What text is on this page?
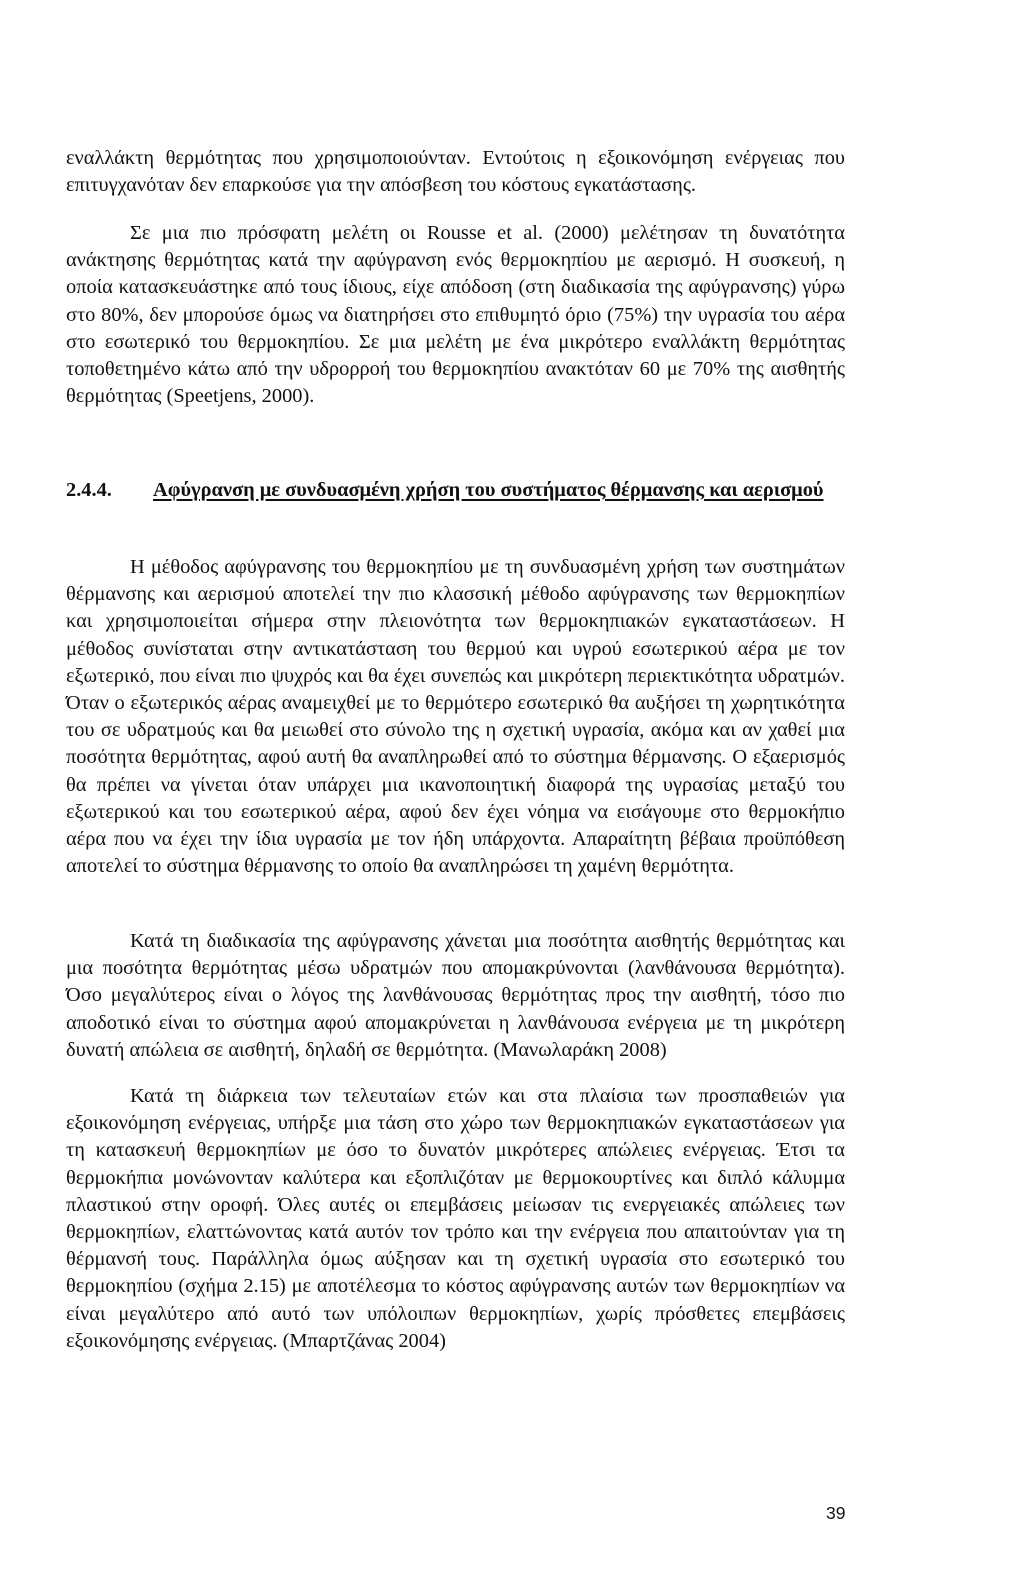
εναλλάκτη θερμότητας που χρησιμοποιούνταν. Εντούτοις η εξοικονόμηση ενέργειας που επιτυγχανόταν δεν επαρκούσε για την απόσβεση του κόστους εγκατάστασης.

Σε μια πιο πρόσφατη μελέτη οι Rousse et al. (2000) μελέτησαν τη δυνατότητα ανάκτησης θερμότητας κατά την αφύγρανση ενός θερμοκηπίου με αερισμό. Η συσκευή, η οποία κατασκευάστηκε από τους ίδιους, είχε απόδοση (στη διαδικασία της αφύγρανσης) γύρω στο 80%, δεν μπορούσε όμως να διατηρήσει στο επιθυμητό όριο (75%) την υγρασία του αέρα στο εσωτερικό του θερμοκηπίου. Σε μια μελέτη με ένα μικρότερο εναλλάκτη θερμότητας τοποθετημένο κάτω από την υδρορροή του θερμοκηπίου ανακτόταν 60 με 70% της αισθητής θερμότητας (Speetjens, 2000).

2.4.4. Αφύγρανση με συνδυασμένη χρήση του συστήματος θέρμανσης και αερισμού

Η μέθοδος αφύγρανσης του θερμοκηπίου με τη συνδυασμένη χρήση των συστημάτων θέρμανσης και αερισμού αποτελεί την πιο κλασσική μέθοδο αφύγρανσης των θερμοκηπίων και χρησιμοποιείται σήμερα στην πλειονότητα των θερμοκηπιακών εγκαταστάσεων. Η μέθοδος συνίσταται στην αντικατάσταση του θερμού και υγρού εσωτερικού αέρα με τον εξωτερικό, που είναι πιο ψυχρός και θα έχει συνεπώς και μικρότερη περιεκτικότητα υδρατμών. Όταν ο εξωτερικός αέρας αναμειχθεί με το θερμότερο εσωτερικό θα αυξήσει τη χωρητικότητα του σε υδρατμούς και θα μειωθεί στο σύνολο της η σχετική υγρασία, ακόμα και αν χαθεί μια ποσότητα θερμότητας, αφού αυτή θα αναπληρωθεί από το σύστημα θέρμανσης. Ο εξαερισμός θα πρέπει να γίνεται όταν υπάρχει μια ικανοποιητική διαφορά της υγρασίας μεταξύ του εξωτερικού και του εσωτερικού αέρα, αφού δεν έχει νόημα να εισάγουμε στο θερμοκήπιο αέρα που να έχει την ίδια υγρασία με τον ήδη υπάρχοντα. Απαραίτητη βέβαια προϋπόθεση αποτελεί το σύστημα θέρμανσης το οποίο θα αναπληρώσει τη χαμένη θερμότητα.

Κατά τη διαδικασία της αφύγρανσης χάνεται μια ποσότητα αισθητής θερμότητας και μια ποσότητα θερμότητας μέσω υδρατμών που απομακρύνονται (λανθάνουσα θερμότητα). Όσο μεγαλύτερος είναι ο λόγος της λανθάνουσας θερμότητας προς την αισθητή, τόσο πιο αποδοτικό είναι το σύστημα αφού απομακρύνεται η λανθάνουσα ενέργεια με τη μικρότερη δυνατή απώλεια σε αισθητή, δηλαδή σε θερμότητα. (Μανωλαράκη 2008)

Κατά τη διάρκεια των τελευταίων ετών και στα πλαίσια των προσπαθειών για εξοικονόμηση ενέργειας, υπήρξε μια τάση στο χώρο των θερμοκηπιακών εγκαταστάσεων για τη κατασκευή θερμοκηπίων με όσο το δυνατόν μικρότερες απώλειες ενέργειας. Έτσι τα θερμοκήπια μονώνονταν καλύτερα και εξοπλιζόταν με θερμοκουρτίνες και διπλό κάλυμμα πλαστικού στην οροφή. Όλες αυτές οι επεμβάσεις μείωσαν τις ενεργειακές απώλειες των θερμοκηπίων, ελαττώνοντας κατά αυτόν τον τρόπο και την ενέργεια που απαιτούνταν για τη θέρμανσή τους. Παράλληλα όμως αύξησαν και τη σχετική υγρασία στο εσωτερικό του θερμοκηπίου (σχήμα 2.15) με αποτέλεσμα το κόστος αφύγρανσης αυτών των θερμοκηπίων να είναι μεγαλύτερο από αυτό των υπόλοιπων θερμοκηπίων, χωρίς πρόσθετες επεμβάσεις εξοικονόμησης ενέργειας. (Μπαρτζάνας 2004)

39
